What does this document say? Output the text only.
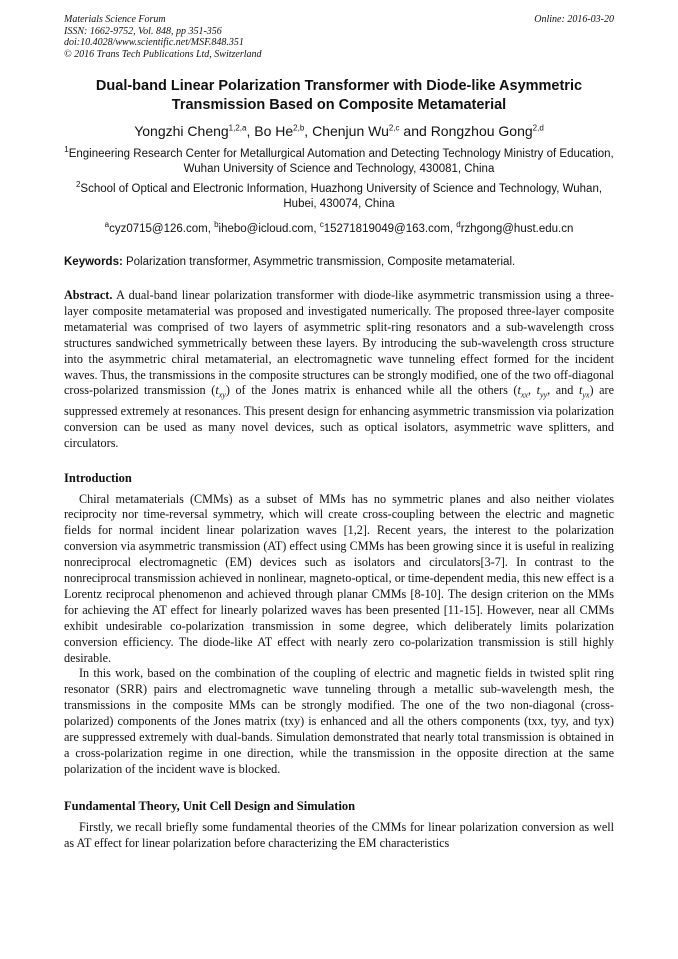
Materials Science Forum
ISSN: 1662-9752, Vol. 848, pp 351-356
doi:10.4028/www.scientific.net/MSF.848.351
© 2016 Trans Tech Publications Ltd, Switzerland
Online: 2016-03-20
Dual-band Linear Polarization Transformer with Diode-like Asymmetric Transmission Based on Composite Metamaterial
Yongzhi Cheng$^{1,2,a}$, Bo He$^{2,b}$, Chenjun Wu$^{2,c}$ and Rongzhou Gong$^{2,d}$
$^1$Engineering Research Center for Metallurgical Automation and Detecting Technology Ministry of Education, Wuhan University of Science and Technology, 430081, China
$^2$School of Optical and Electronic Information, Huazhong University of Science and Technology, Wuhan, Hubei, 430074, China
$^a$cyz0715@126.com, $^b$ihebo@icloud.com, $^c$15271819049@163.com, $^d$rzhgong@hust.edu.cn
Keywords: Polarization transformer, Asymmetric transmission, Composite metamaterial.
Abstract. A dual-band linear polarization transformer with diode-like asymmetric transmission using a three-layer composite metamaterial was proposed and investigated numerically. The proposed three-layer composite metamaterial was comprised of two layers of asymmetric split-ring resonators and a sub-wavelength cross structures sandwiched symmetrically between these layers. By introducing the sub-wavelength cross structure into the asymmetric chiral metamaterial, an electromagnetic wave tunneling effect formed for the incident waves. Thus, the transmissions in the composite structures can be strongly modified, one of the two off-diagonal cross-polarized transmission $(t_{xy})$ of the Jones matrix is enhanced while all the others ($t_{xx}$, $t_{yy}$, and $t_{yx}$) are suppressed extremely at resonances. This present design for enhancing asymmetric transmission via polarization conversion can be used as many novel devices, such as optical isolators, asymmetric wave splitters, and circulators.
Introduction
Chiral metamaterials (CMMs) as a subset of MMs has no symmetric planes and also neither violates reciprocity nor time-reversal symmetry, which will create cross-coupling between the electric and magnetic fields for normal incident linear polarization waves [1,2]. Recent years, the interest to the polarization conversion via asymmetric transmission (AT) effect using CMMs has been growing since it is useful in realizing nonreciprocal electromagnetic (EM) devices such as isolators and circulators[3-7]. In contrast to the nonreciprocal transmission achieved in nonlinear, magneto-optical, or time-dependent media, this new effect is a Lorentz reciprocal phenomenon and achieved through planar CMMs [8-10]. The design criterion on the MMs for achieving the AT effect for linearly polarized waves has been presented [11-15]. However, near all CMMs exhibit undesirable co-polarization transmission in some degree, which deliberately limits polarization conversion efficiency. The diode-like AT effect with nearly zero co-polarization transmission is still highly desirable.
In this work, based on the combination of the coupling of electric and magnetic fields in twisted split ring resonator (SRR) pairs and electromagnetic wave tunneling through a metallic sub-wavelength mesh, the transmissions in the composite MMs can be strongly modified. The one of the two non-diagonal (cross-polarized) components of the Jones matrix (txy) is enhanced and all the others components (txx, tyy, and tyx) are suppressed extremely with dual-bands. Simulation demonstrated that nearly total transmission is obtained in a cross-polarization regime in one direction, while the transmission in the opposite direction at the same polarization of the incident wave is blocked.
Fundamental Theory, Unit Cell Design and Simulation
Firstly, we recall briefly some fundamental theories of the CMMs for linear polarization conversion as well as AT effect for linear polarization before characterizing the EM characteristics
